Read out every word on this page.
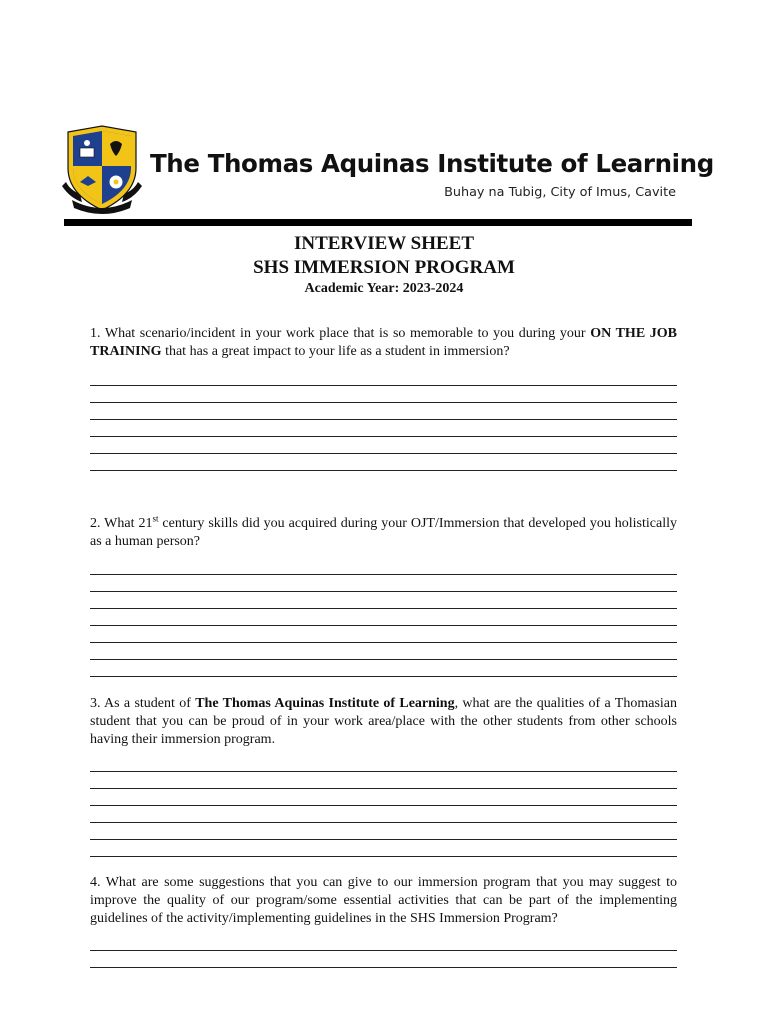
The Thomas Aquinas Institute of Learning
Buhay na Tubig, City of Imus, Cavite
INTERVIEW SHEET
SHS IMMERSION PROGRAM
Academic Year: 2023-2024
1. What scenario/incident in your work place that is so memorable to you during your ON THE JOB TRAINING that has a great impact to your life as a student in immersion?
2. What 21st century skills did you acquired during your OJT/Immersion that developed you holistically as a human person?
3. As a student of The Thomas Aquinas Institute of Learning, what are the qualities of a Thomasian student that you can be proud of in your work area/place with the other students from other schools having their immersion program.
4. What are some suggestions that you can give to our immersion program that you may suggest to improve the quality of our program/some essential activities that can be part of the implementing guidelines of the activity/implementing guidelines in the SHS Immersion Program?
